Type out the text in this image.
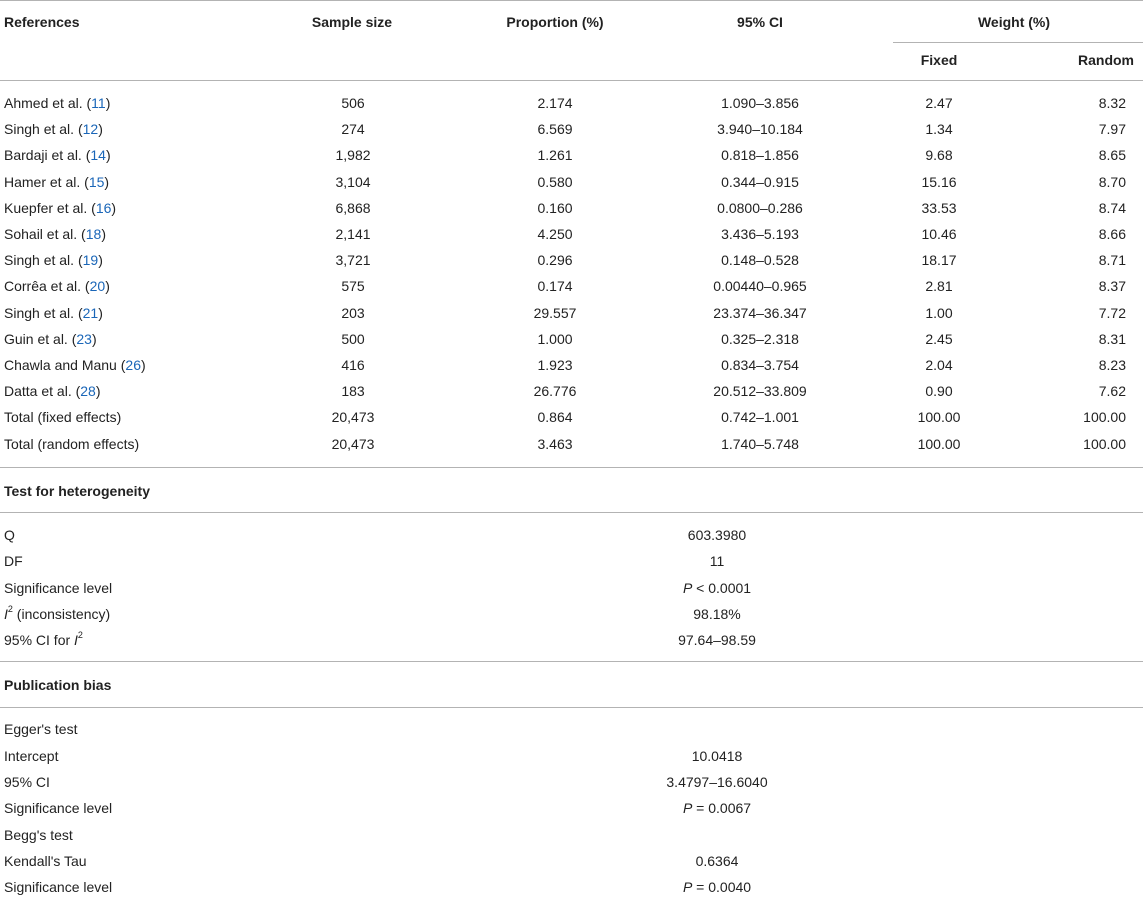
References	Sample size	Proportion (%)	95% CI	Weight (%)
Fixed	Random
Ahmed et al. (11)	506	2.174	1.090–3.856	2.47	8.32
Singh et al. (12)	274	6.569	3.940–10.184	1.34	7.97
Bardaji et al. (14)	1,982	1.261	0.818–1.856	9.68	8.65
Hamer et al. (15)	3,104	0.580	0.344–0.915	15.16	8.70
Kuepfer et al. (16)	6,868	0.160	0.0800–0.286	33.53	8.74
Sohail et al. (18)	2,141	4.250	3.436–5.193	10.46	8.66
Singh et al. (19)	3,721	0.296	0.148–0.528	18.17	8.71
Corrêa et al. (20)	575	0.174	0.00440–0.965	2.81	8.37
Singh et al. (21)	203	29.557	23.374–36.347	1.00	7.72
Guin et al. (23)	500	1.000	0.325–2.318	2.45	8.31
Chawla and Manu (26)	416	1.923	0.834–3.754	2.04	8.23
Datta et al. (28)	183	26.776	20.512–33.809	0.90	7.62
Total (fixed effects)	20,473	0.864	0.742–1.001	100.00	100.00
Total (random effects)	20,473	3.463	1.740–5.748	100.00	100.00
Test for heterogeneity
Q	603.3980
DF	11
Significance level	P < 0.0001
$I^2$ (inconsistency)	98.18%
95% CI for $I^2$	97.64–98.59
Publication bias
Egger's test
Intercept	10.0418
95% CI	3.4797–16.6040
Significance level	P = 0.0067
Begg's test
Kendall's Tau	0.6364
Significance level	P = 0.0040
